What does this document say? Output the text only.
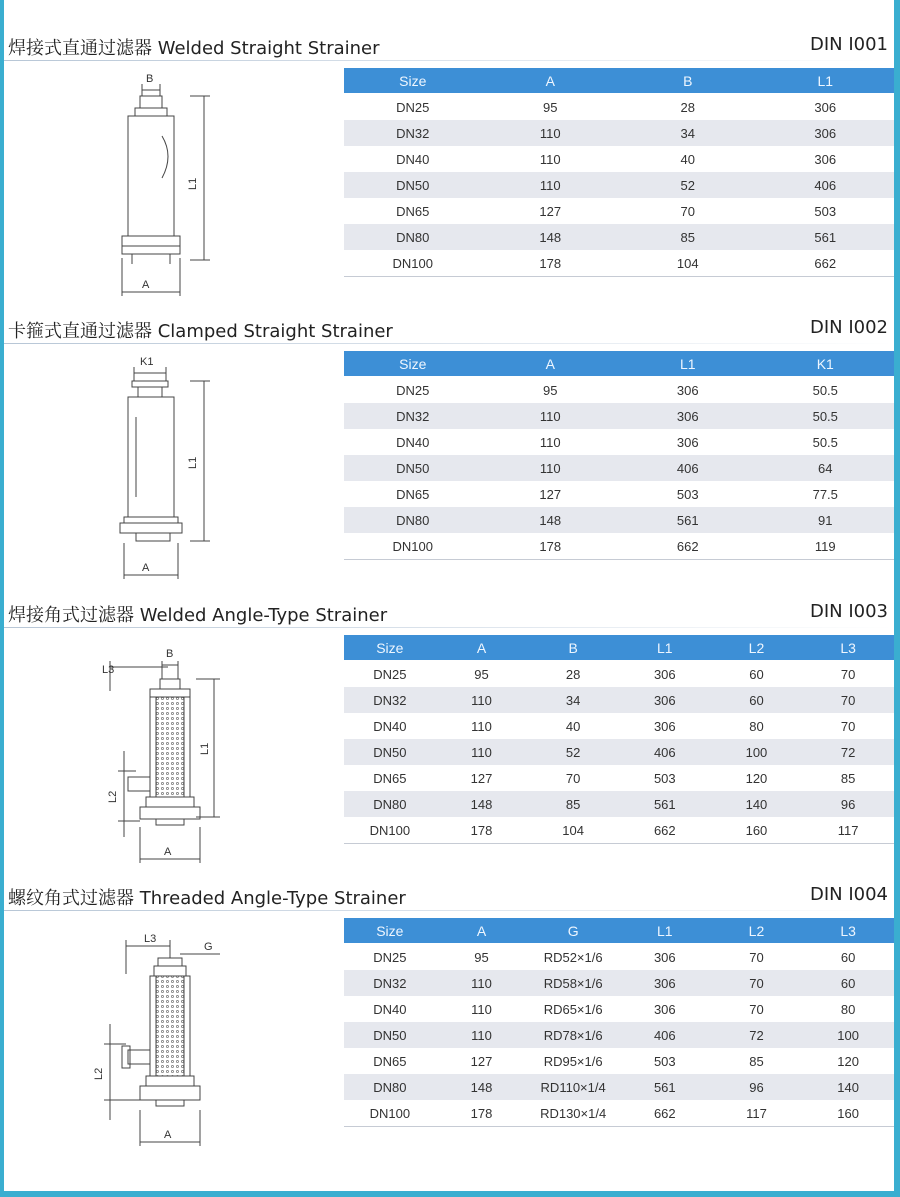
焊接式直通过滤器 Welded Straight Strainer	DIN I001
B
L1
A
Size	A	B	L1
DN25	95	28	306
DN32	110	34	306
DN40	110	40	306
DN50	110	52	406
DN65	127	70	503
DN80	148	85	561
DN100	178	104	662
卡箍式直通过滤器 Clamped Straight Strainer	DIN I002
K1
L1
A
Size	A	L1	K1
DN25	95	306	50.5
DN32	110	306	50.5
DN40	110	306	50.5
DN50	110	406	64
DN65	127	503	77.5
DN80	148	561	91
DN100	178	662	119
焊接角式过滤器 Welded Angle-Type Strainer	DIN I003
L3
B
L1
L2
A
Size	A	B	L1	L2	L3
DN25	95	28	306	60	70
DN32	110	34	306	60	70
DN40	110	40	306	80	70
DN50	110	52	406	100	72
DN65	127	70	503	120	85
DN80	148	85	561	140	96
DN100	178	104	662	160	117
螺纹角式过滤器 Threaded Angle-Type Strainer	DIN I004
L3
G
L2
A
Size	A	G	L1	L2	L3
DN25	95	RD52×1/6	306	70	60
DN32	110	RD58×1/6	306	70	60
DN40	110	RD65×1/6	306	70	80
DN50	110	RD78×1/6	406	72	100
DN65	127	RD95×1/6	503	85	120
DN80	148	RD110×1/4	561	96	140
DN100	178	RD130×1/4	662	117	160
